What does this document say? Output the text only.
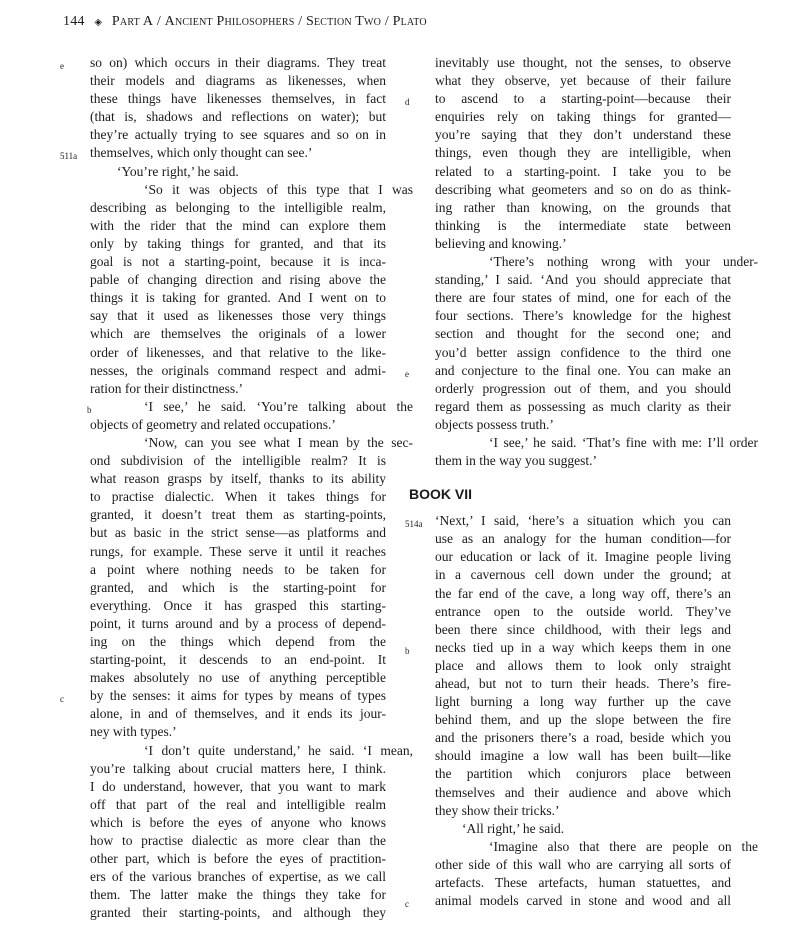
144 ◈ Part A / Ancient Philosophers / Section Two / Plato
e	so on) which occurs in their diagrams. They treat
their models and diagrams as likenesses, when
these things have likenesses themselves, in fact
(that is, shadows and reflections on water); but
they’re actually trying to see squares and so on in
511a themselves, which only thought can see.’
‘You’re right,’ he said.
‘So it was objects of this type that I was
describing as belonging to the intelligible realm,
with the rider that the mind can explore them
only by taking things for granted, and that its
goal is not a starting-point, because it is inca-
pable of changing direction and rising above the
things it is taking for granted. And I went on to
say that it used as likenesses those very things
which are themselves the originals of a lower
order of likenesses, and that relative to the like-
nesses, the originals command respect and admi-
ration for their distinctness.’
b	‘I see,’ he said. ‘You’re talking about the
objects of geometry and related occupations.’
‘Now, can you see what I mean by the sec-
ond subdivision of the intelligible realm? It is
what reason grasps by itself, thanks to its ability
to practise dialectic. When it takes things for
granted, it doesn’t treat them as starting-points,
but as basic in the strict sense—as platforms and
rungs, for example. These serve it until it reaches
a point where nothing needs to be taken for
granted, and which is the starting-point for
everything. Once it has grasped this starting-
point, it turns around and by a process of depend-
ing on the things which depend from the
starting-point, it descends to an end-point. It
makes absolutely no use of anything perceptible
c	by the senses: it aims for types by means of types
alone, in and of themselves, and it ends its jour-
ney with types.’
‘I don’t quite understand,’ he said. ‘I mean,
you’re talking about crucial matters here, I think.
I do understand, however, that you want to mark
off that part of the real and intelligible realm
which is before the eyes of anyone who knows
how to practise dialectic as more clear than the
other part, which is before the eyes of practition-
ers of the various branches of expertise, as we call
them. The latter make the things they take for
granted their starting-points, and although they
inevitably use thought, not the senses, to observe
what they observe, yet because of their failure
d	to ascend to a starting-point—because their
enquiries rely on taking things for granted—
you’re saying that they don’t understand these
things, even though they are intelligible, when
related to a starting-point. I take you to be
describing what geometers and so on do as think-
ing rather than knowing, on the grounds that
thinking is the intermediate state between
believing and knowing.’
‘There’s nothing wrong with your under-
standing,’ I said. ‘And you should appreciate that
there are four states of mind, one for each of the
four sections. There’s knowledge for the highest
section and thought for the second one; and
you’d better assign confidence to the third one
e	and conjecture to the final one. You can make an
orderly progression out of them, and you should
regard them as possessing as much clarity as their
objects possess truth.’
‘I see,’ he said. ‘That’s fine with me: I’ll order
them in the way you suggest.’
BOOK VII
514a ‘Next,’ I said, ‘here’s a situation which you can
use as an analogy for the human condition—for
our education or lack of it. Imagine people living
in a cavernous cell down under the ground; at
the far end of the cave, a long way off, there’s an
entrance open to the outside world. They’ve
been there since childhood, with their legs and
b	necks tied up in a way which keeps them in one
place and allows them to look only straight
ahead, but not to turn their heads. There’s fire-
light burning a long way further up the cave
behind them, and up the slope between the fire
and the prisoners there’s a road, beside which you
should imagine a low wall has been built—like
the partition which conjurors place between
themselves and their audience and above which
they show their tricks.’
‘All right,’ he said.
‘Imagine also that there are people on the
other side of this wall who are carrying all sorts of
artefacts. These artefacts, human statuettes, and
c	animal models carved in stone and wood and all
